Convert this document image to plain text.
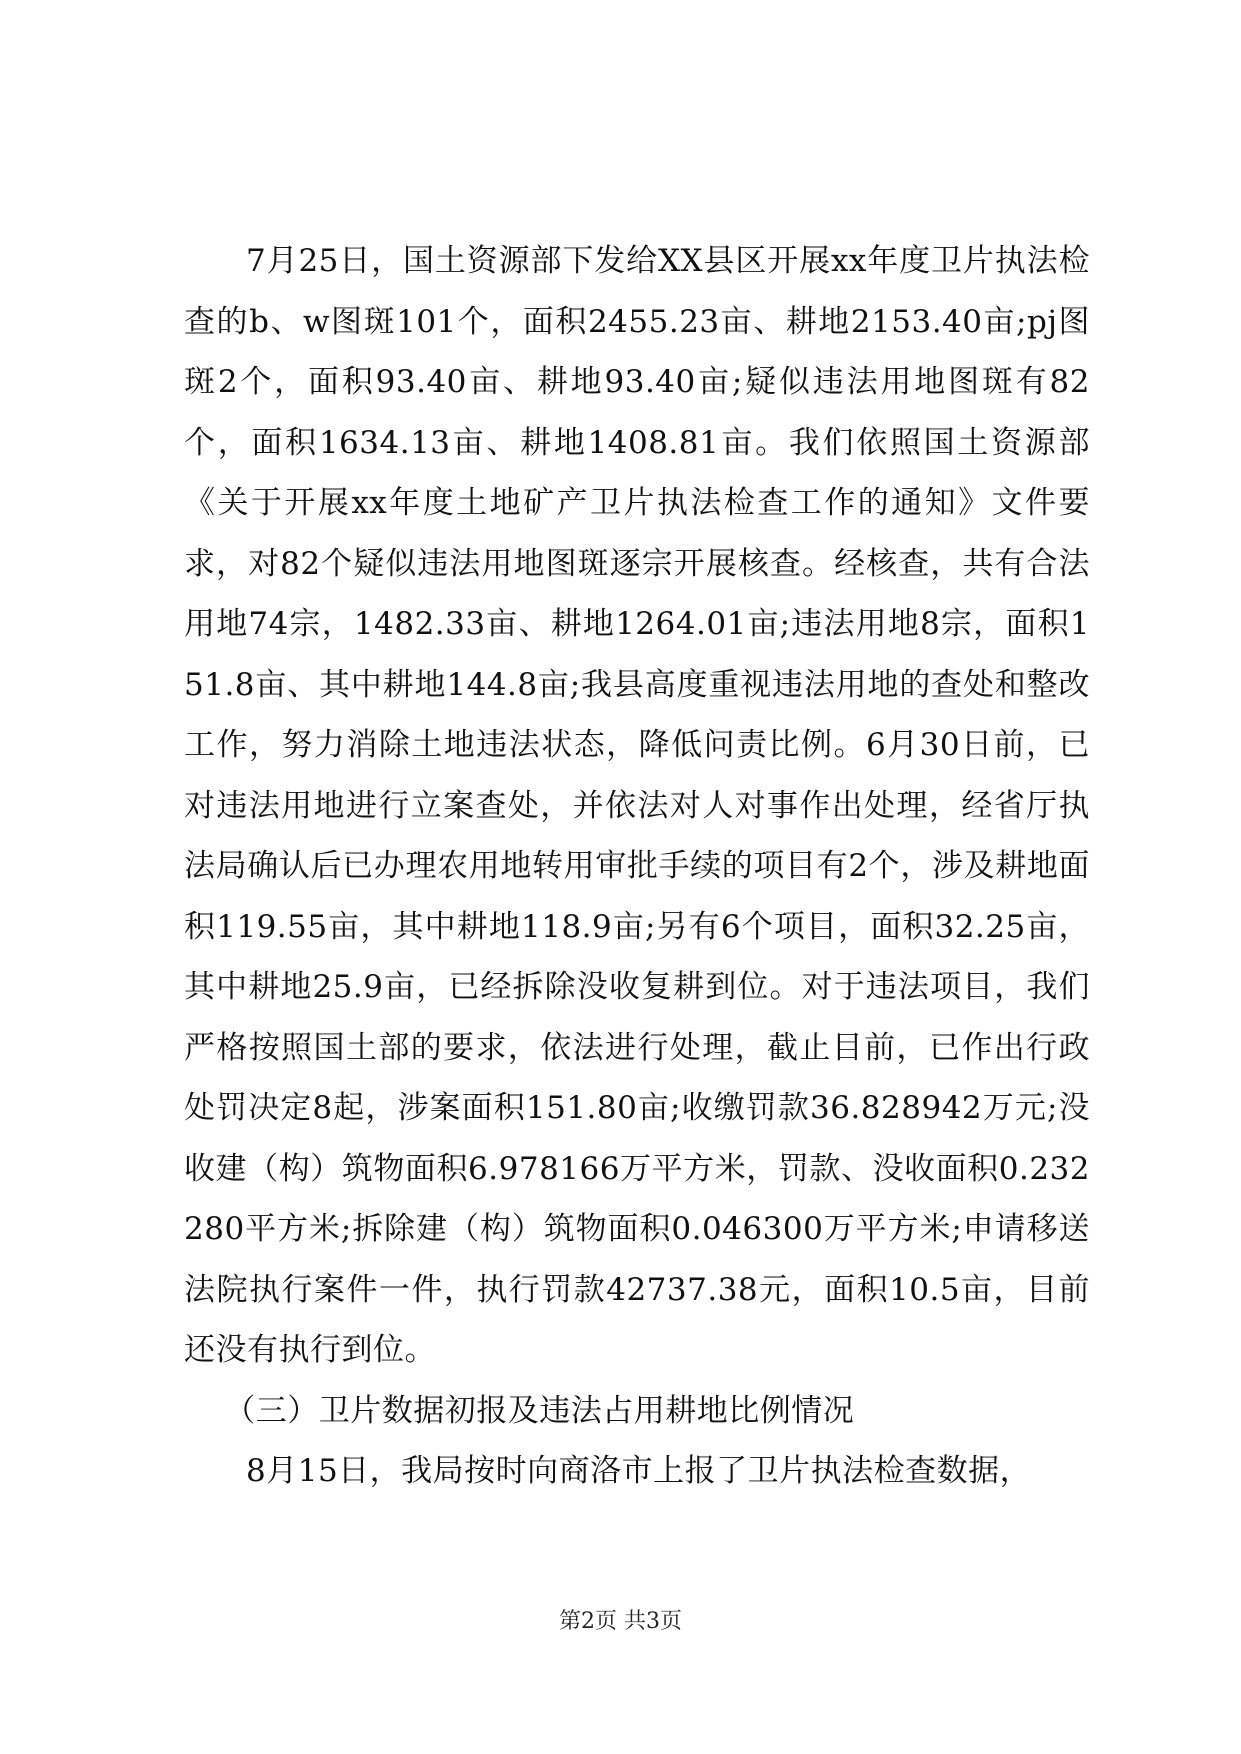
7月25日，国土资源部下发给XX县区开展xx年度卫片执法检查的b、w图斑101个，面积2455.23亩、耕地2153.40亩;pj图斑2个，面积93.40亩、耕地93.40亩;疑似违法用地图斑有82个，面积1634.13亩、耕地1408.81亩。我们依照国土资源部《关于开展xx年度土地矿产卫片执法检查工作的通知》文件要求，对82个疑似违法用地图斑逐宗开展核查。经核查，共有合法用地74宗，1482.33亩、耕地1264.01亩;违法用地8宗，面积151.8亩、其中耕地144.8亩;我县高度重视违法用地的查处和整改工作，努力消除土地违法状态，降低问责比例。6月30日前，已对违法用地进行立案查处，并依法对人对事作出处理，经省厅执法局确认后已办理农用地转用审批手续的项目有2个，涉及耕地面积119.55亩，其中耕地118.9亩;另有6个项目，面积32.25亩，其中耕地25.9亩，已经拆除没收复耕到位。对于违法项目，我们严格按照国土部的要求，依法进行处理，截止目前，已作出行政处罚决定8起，涉案面积151.80亩;收缴罚款36.828942万元;没收建（构）筑物面积6.978166万平方米，罚款、没收面积0.232280平方米;拆除建（构）筑物面积0.046300万平方米;申请移送法院执行案件一件，执行罚款42737.38元，面积10.5亩，目前还没有执行到位。

（三）卫片数据初报及违法占用耕地比例情况

8月15日，我局按时向商洛市上报了卫片执法检查数据，

第2页 共3页
